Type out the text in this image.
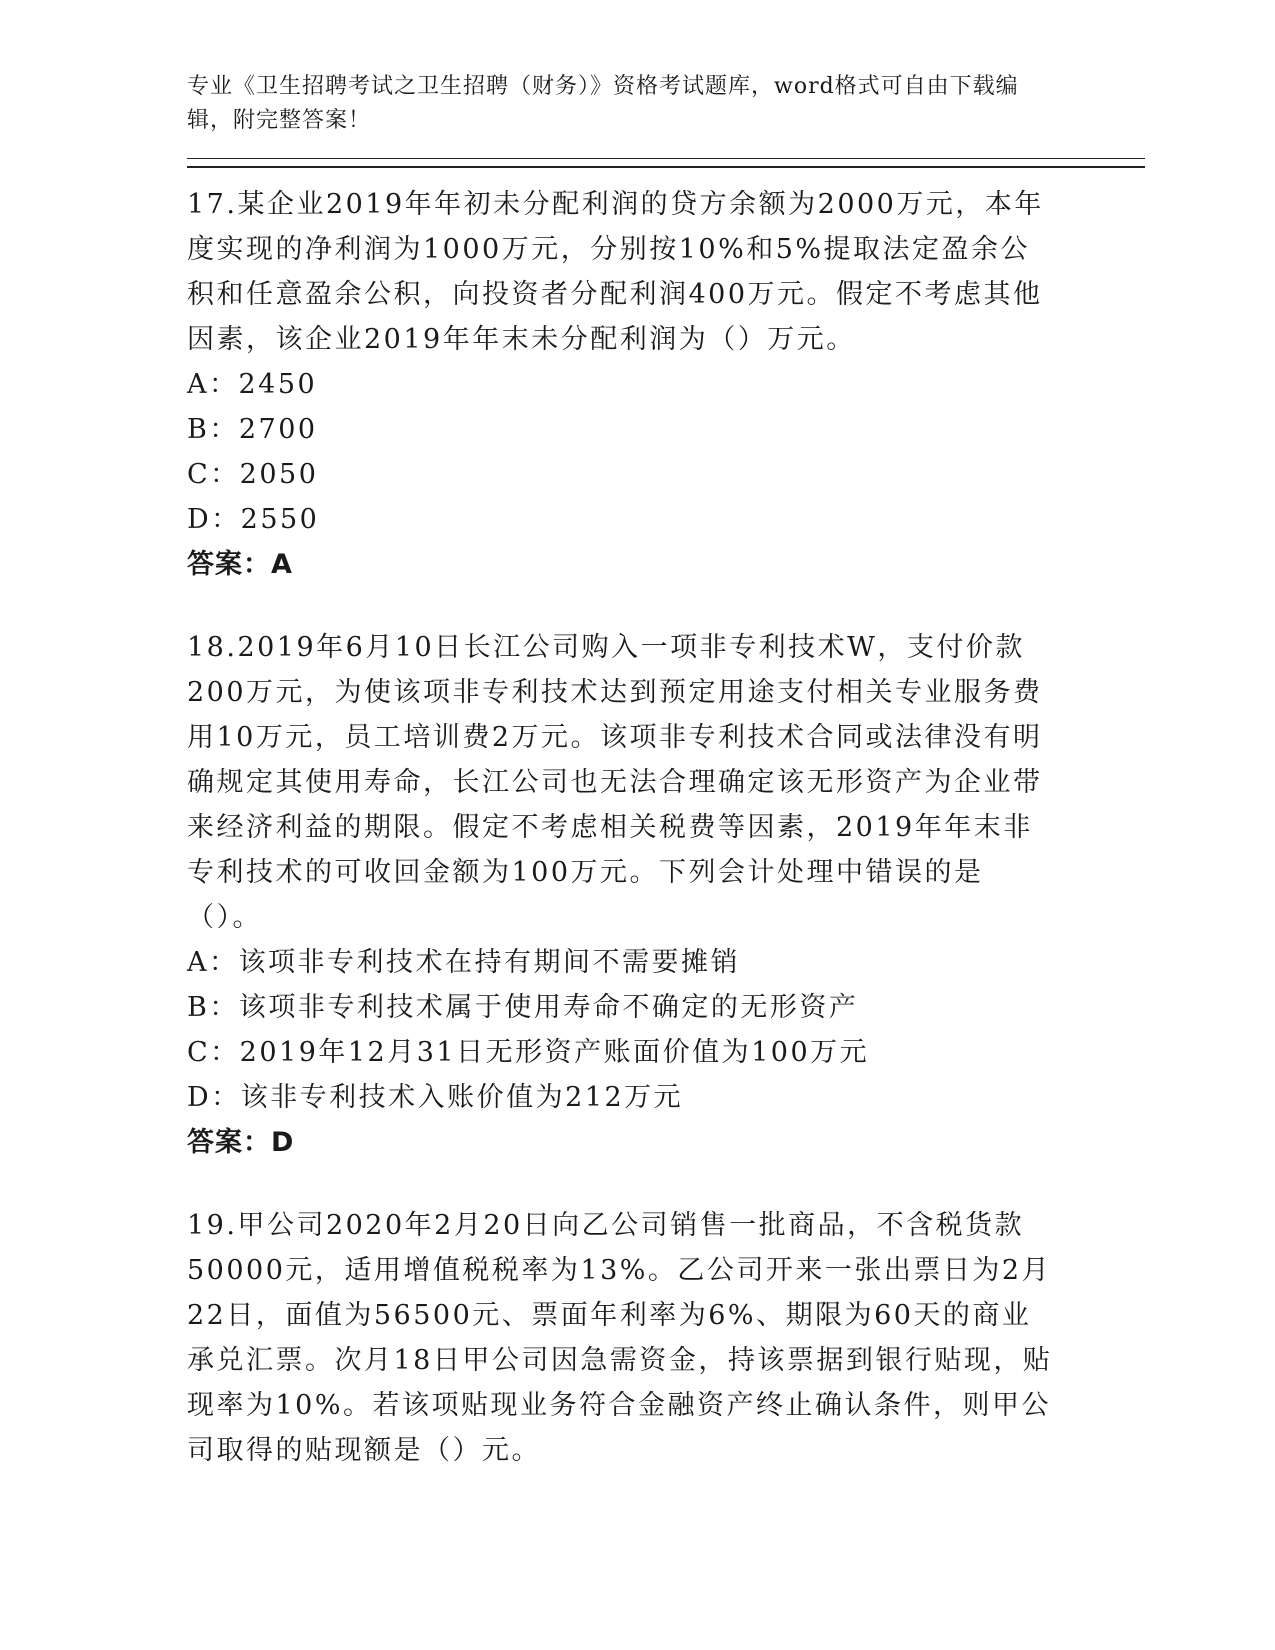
专业《卫生招聘考试之卫生招聘（财务）》资格考试题库，word格式可自由下载编辑，附完整答案！
17.某企业2019年年初未分配利润的贷方余额为2000万元，本年度实现的净利润为1000万元，分别按10%和5%提取法定盈余公积和任意盈余公积，向投资者分配利润400万元。假定不考虑其他因素，该企业2019年年末未分配利润为（）万元。
A：2450
B：2700
C：2050
D：2550
答案：A
18.2019年6月10日长江公司购入一项非专利技术W，支付价款200万元，为使该项非专利技术达到预定用途支付相关专业服务费用10万元，员工培训费2万元。该项非专利技术合同或法律没有明确规定其使用寿命，长江公司也无法合理确定该无形资产为企业带来经济利益的期限。假定不考虑相关税费等因素，2019年年末非专利技术的可收回金额为100万元。下列会计处理中错误的是（）。
A：该项非专利技术在持有期间不需要摊销
B：该项非专利技术属于使用寿命不确定的无形资产
C：2019年12月31日无形资产账面价值为100万元
D：该非专利技术入账价值为212万元
答案：D
19.甲公司2020年2月20日向乙公司销售一批商品，不含税货款50000元，适用增值税税率为13%。乙公司开来一张出票日为2月22日，面值为56500元、票面年利率为6%、期限为60天的商业承兑汇票。次月18日甲公司因急需资金，持该票据到银行贴现，贴现率为10%。若该项贴现业务符合金融资产终止确认条件，则甲公司取得的贴现额是（）元。
